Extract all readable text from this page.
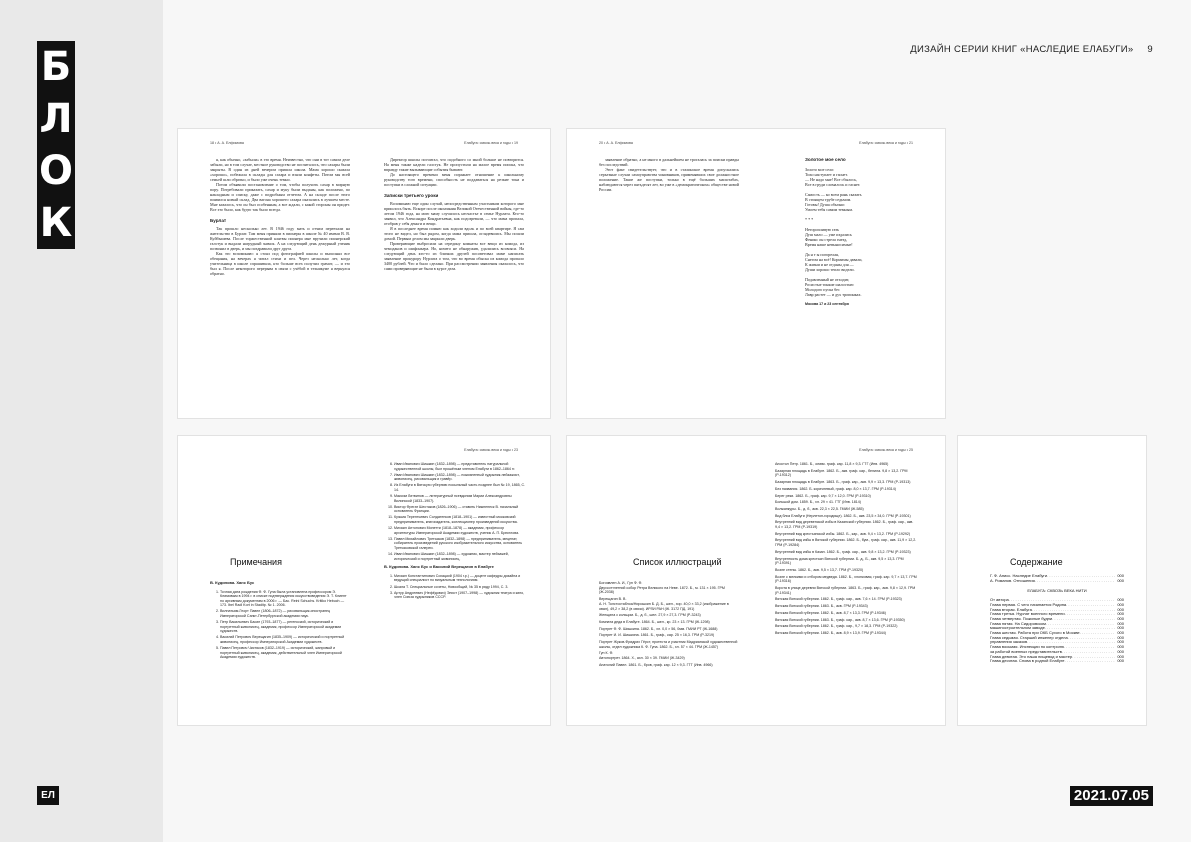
Б
Л
О
К
ЕЛ
ДИЗАЙН СЕРИИ КНИГ «НАСЛЕДИЕ ЕЛАБУГИ» 9
18 • А. А. Елфимова	Елабуга: сквозь века и годы • 19

я, как обычно, «забыли» в это время. Неизвестно, что они в тот самом деле забыли, но в том случае, местное руководство не посчиталось, что сахары были закрыты. В один из дней вечером пришла школа. Мама хорошо сказала «хорошо», побежала в склады для сахара и взяли конфеты. Потом мы всей семьей шли обратно, и было уже очень темно.

Потом объявили постановление о том, чтобы получить сахар в мирную пору. Потребовали приказать, сахар и муку были выданы, как положено, по накладным и списку, даже с подробным отчетом. А на складе после этого появился новый склад. Два вагона хорошего сахара оказались в лучшем месте. Мне казалось, что он был особенным, а все ждали, с какой стороны он придет. Все это было, как будто так было всегда.

Бурлат

Так прошло несколько лет. В 1946 году мать и отчим переехали на жительство в Бурлат. Там меня приняли в пионеры в школе № 40 имени В. В. Куйбышева. После торжественной клятвы пионера мне вручили пионерский галстук и выдали нагрудный значок. А на следующий день дежурный ученик позвонил в дверь, и мы поздравили друг друга.

Как это вспоминаю: я стоял под фотографией школы и выполнял все обещания, на вечерах я читал стихи и пел. Через несколько лет, когда учительница в школе спрашивала, кто больше всех получил грамот, — и это был я. После некоторого перерыва в связи с учёбой в техникуме я вернулся обратно.

Директор школы посчитал, что подобного со мной больше не повторится. На меня также надели галстук. Не пропустили на малое время поиска, что вправду такие вызывающие события бывают.

До настоящего времени меня поражает отношение к школьному руководству того времени, способность не поддаваться на резкие тона и поступки в сложной ситуации.

Записки третьего уроки

Вспоминаю еще один случай, непосредственным участником которого мне пришлось быть. Вскоре после окончания Великой Отечественной войны, где-то летом 1946 года, на мою маму случилось несчастье в семье Нурлата. Кто-то заявил, что Александра Кондратьевна, как подозревали, — что мама пропала, отобрав у себя деньги и вещи.

Я в последнее время помню как ходили вдоль и по всей квартире. Я сам этого не видел, но был рядом, когда мама пришла, оглядевшись. Мы пошли домой. Первым делом мы закрыли дверь.

Проверяющие выбросили на середину комнаты все вещи из комода, из чемоданов и шифоньера. Но, ничего не обнаружив, удалились восвояси. На следующий день кто-то из близких друзей посоветовал маме написать заявление прокурору Нурлата о том, что во время обыска из комода пропало 3400 рублей. Что и было сделано. При рассмотрении заявления оказалось, что сами проверяющие не были в курсе дела.

20 • А. А. Елфимова	Елабуга: сквозь века и годы • 21

заявление обратно, а не много в дальнейшем не трогалась за поиски правды без последствий.

Этот факт свидетельствует, что и в сталинское время допускались серьезные случаи самоуправства чиновников, применявших свое должностное положение. Такие же поступки, только в ещё больших масштабах, наблюдаются через пятьдесят лет, во уже в «демократическом» обществе новой России.

Золотое мое село
Золото мое село:
Тихо наступает и гаснет.
— Не надо мне! Все сбылось,
Все в груди сломалось и гаснет.
Самость — ко всем рань сказать
В стоящем трубе седьмом.
Готовы! Душа обычно:
Умоем тебя самим темным.
* * *
Неторопливую гать
Душ мало — уже издались
Феникс он стрела гнезд,
Время наше невыносимые!
Да н т ы погорелая,
Снегом на всё! Кормимы давали,
К жизни и не отданы для —
Души хорошо тепло видели.
Подавленный не отходит,
Росистые тонкие шалостью:
Молодого пуска бес
Лавр растет — и дух тропинках.
Москва 17 и 23 сентября
Елабуга: сквозь века и годы • 23
Примечания
В. Кудинова. Ханс Бус
1. Точная дата рождения Ф. Ф. Гуна была установлена профессором Э. Климовым в 1994 г. в списке подтверждения искусствоведения Э. Т. Клиент по архивным документам в 2006 г. — Бас. Reini Schuchs. Kritiko Hebuch — 173. Ibel Radl Kort in Staditp. № 1. 2006.
2. Вилнатьям-Гнорт Павел (1806–1872) — рисовальщик-иностранец Императорской Санкт-Петербургской академии наук.
3. Петр Васильевич Басин (1793–1877) — регенсский, исторический и портретный живописец, академик, профессор Императорской академии художеств.
4. Василий Петрович Верещагин (1835–1909) — исторический и портретный живописец, профессор Императорской Академии художеств.
5. Павел Петрович Чистяков (1832–1919) — исторический, жанровый и портретный живописец, академик, действительный член Императорской Академии художеств.
6. Иван Иванович Шишкин (1832–1898) — представитель натуральной художественной школы, был прошёлым членом Елабуги в 1862–1864 гг.
7. Иван Иванович Шишкин (1832–1898) — пожизненный художник-пейзажист, живописец, рисовальщик и гравёр.
8. Из Елабуги в Вятскую губернию посыльный часть позднее был № 19, 1865, С. 14.
9. Максим Литвинов — литературный псевдоним Марии Александровны Вилинской (1833–1907).
10. Виктор Фрегат Шестаков (1826–1906) — ставить Нижнепеск В. начальный основатель Франции.
11. Кузьма Терентьевич Солдатенков (1818–1901) — известный московский предприниматель, книгоиздатель, коллекционер произведений искусства.
12. Михаил Антонович Монетти (1818–1878) — академик, профессор архитектуры Императорской Академии художеств, ученик А. П. Брюллова.
13. Павел Михайлович Третьяков (1832–1898) — предприниматель, меценат, собиратель произведений русского изобразительного искусства, основатель Третьяковской галереи.
14. Иван Иванович Шишкин (1832–1898) — художник, мастер пейзажей, исторический и портретный живописец.
В. Кудинова. Ханс Бус и Василий Верещагин в Елабуге
1. Михаил Константинович Сохацкий (1904 г.р.) — доцент кафедры дизайна и ведущий специалист по визуальным технологиям.
2. Шкала Т. Специальные сочеты, Новообщий, № 35 в ряду 1994, С. 3.
3. Артур Андреевич (Нефёдович) Элиот (1907–1998) — художник театра и кино, член Союза художников СССР.
Елабуга: сквозь века и годы • 25
Список иллюстраций
Богоявлен А. И., Гун Ф. Ф.
Двухсоттлетний собор Ретра Великого на Неве. 1872. Б., м. 131 × 195. ГРМ (Ж-2038)
Верещагин В. В.
А. Н. Толстостаблоа/Нирошкин Б. Д. Б., шел., хор. 40,0 × 33,2 (изображение в овал), 49,2 × 38,2 (в связи). ИРЛИ РАН (Ж. 3172 ПД. 191)
Женщина с кольцом. Б., д. б., шел. 27,9 × 27,3. ГРМ (Р-3243)
Комната деда в Елабуге. 1864. Б., шел., кр. 23 × 13. ГРМ (Ж-1298)
Портрет Ф. Ф. Шишкина. 1862. Б., хл. 0,0 × 56, 0мм. ГМИИ РТ (Ж-1688)
Портрет И. И. Шишкина. 1861. Б., граф., кар. 25 × 16,3. ГРМ (Р-3219)
Портрет Жуков-Фридрих Гёрст, протеста и участник Мадрианской художественной школы, отдел художника К. Ф. Гуна. 1862. Б., хл. 57 × 44. ГРМ (Ж-1457)
Гун К. Ф.
Автопортрет. 1864. Х., ахл. 30 × 39. ГМИИ (Ж-3429)
Анатолий Павел. 1861. Б., бров, граф. кар. 12 × 9,3. ГТГ (Инв. 4966)
Апостол Петр. 1861. Б., оливк. граф. кар. 11,8 × 9,3. ГТГ (Инв. 4965)
Базарная площадь в Елабуге. 1862. Б., акв. граф. кар., белила. 9,8 × 13,2. ГРМ (Р-19312)
Базарная площадь в Елабуге. 1863. Б., граф. кар., акв. 9,9 × 13,3. ГРМ (Р-19313)
Без названия. 1862. Б. коричневый, граф. кар. 8,0 × 13,7. ГРМ (Р-19314)
Берег реки. 1862. Б., граф. кар. 9,7 × 12,0. ГРМ (Р-19310)
Большой дом. 1859. Б., хл. 29 × 41. ГТГ (Инв. 1814)
Волжанкуры. Б., д. б., акв. 22,3 × 22,5. ГМИИ (Ж-585)
Вид близ Елабуги (Нерлетон-городище). 1862. Б., акв. 23,5 × 34,0. ГРМ (Р-19301)
Внутренний вид деревенской избы в Казанской губернии. 1862. Б., граф. кар., акв. 9,4 × 13,2. ГРМ (Р-19319)
Внутренний вид крестьянской избы. 1862. Б., кар., акв. 9,4 × 13,2. ГРМ (Р-19292)
Внутренний вид избы в Вятской губернии. 1862. Б., бум., граф. кар., акв. 11,9 × 12,2. ГРМ (Р-19284)
Внутренний вид избы в Казан. 1862. Б., граф. кар., акв. 9,8 × 13,2. ГРМ (Р-19323)
Внутренность дома крестьян Вятской губернии. Б. д., Б., акв. 9,5 × 13,3. ГРМ (Р-19391)
Возле стены. 1862. Б., акв. 9,5 × 13,7. ГРМ (Р-19320)
Возле с мелкими и отбором медведя. 1862. Б., хлопковая, граф. кар. 9,7 × 13,7. ГРМ (Р-19316)
Ворота в улице деревни Вятской губернии. 1863. Б., граф. кар., акв. 9,8 × 12,9. ГРМ (Р-19341)
Вятская Вятской губернии. 1862. Б., граф. кар., акв. 7,6 × 14. ГРМ (Р-19323)
Вятская Вятской губернии. 1863. Б., акв. ГРМ (Р-19343)
Вятская Вятской губернии. 1862. Б., акв. 8,7 × 13,3. ГРМ (Р-19346)
Вятская Вятской губернии. 1863. Б., граф. кар., акв. 8,7 × 13,6. ГРМ (Р-19350)
Вятская Вятской губернии. 1862. Б., граф. кар., 9,7 × 18,3. ГРМ (Р-19322)
Вятская Вятской губернии. 1862. Б., акв. 8,9 × 13,9. ГРМ (Р-19344)
Содержание
Г. Ф. Анисс. Наследие Елабуги . . .	000
А. Романов. Отношения . . .	000
ЕЛАБУГА: СКВОЗЬ ВЕКА НИТИ
От автора . . .	000
Глава первая. С чего начинается Родина . . .	000
Глава вторая. Елабуга . . .	000
Глава третья. Нурлат военного времени . . .	000
Глава четвертая. Пожилые будни . . .	000
Глава пятая. На Сидоровском . . .	000
машиностроительном заводе . . .	000
Глава шестая. Работа при ОКБ Сухого в Москве . . .	000
Глава седьмая. Старший инженер отдела . . .	000
управления заказов . . .	000
Глава восьмая. Инспекции по контролю . . .	000
за работой военных представительств . . .	000
Глава девятая. Это наша пищевод и мастер . . .	000
Глава десятая. Снова в родной Елабуге . . .	000
2021.07.05
